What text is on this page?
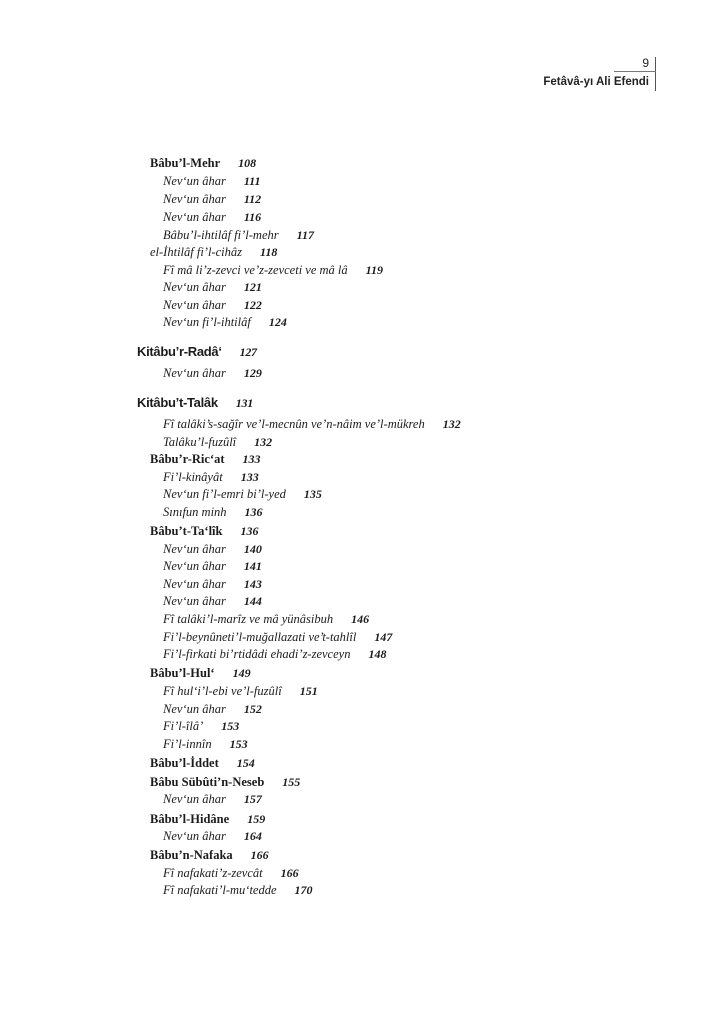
9
Fetâvâ-yı Ali Efendi
Bâbu’l-Mehr 108
Nev‘un âhar 111
Nev‘un âhar 112
Nev‘un âhar 116
Bâbu’l-ihtilâf fi’l-mehr 117
el-İhtilâf fi’l-cihâz 118
Fî mâ li’z-zevci ve’z-zevceti ve mâ lâ 119
Nev‘un âhar 121
Nev‘un âhar 122
Nev‘un fi’l-ihtilâf 124
Kitâbu’r-Radâ‘ 127
Nev‘un âhar 129
Kitâbu’t-Talâk 131
Fî talâki’s-sağîr ve’l-mecnûn ve’n-nâim ve’l-mükreh 132
Talâku’l-fuzûlî 132
Bâbu’r-Ric‘at 133
Fi’l-kinâyât 133
Nev‘un fi’l-emri bi’l-yed 135
Sınıfun minh 136
Bâbu’t-Ta‘lîk 136
Nev‘un âhar 140
Nev‘un âhar 141
Nev‘un âhar 143
Nev‘un âhar 144
Fî talâki’l-marîz ve mâ yünâsibuh 146
Fi’l-beynûneti’l-muğallazati ve’t-tahlîl 147
Fi’l-firkati bi’rtidâdi ehadi’z-zevceyn 148
Bâbu’l-Hul‘ 149
Fî hul‘i’l-ebi ve’l-fuzûlî 151
Nev‘un âhar 152
Fi’l-îlâ’ 153
Fi’l-innîn 153
Bâbu’l-İddet 154
Bâbu Sübûti’n-Neseb 155
Nev‘un âhar 157
Bâbu’l-Hidâne 159
Nev‘un âhar 164
Bâbu’n-Nafaka 166
Fî nafakati’z-zevcât 166
Fî nafakati’l-mu‘tedde 170
